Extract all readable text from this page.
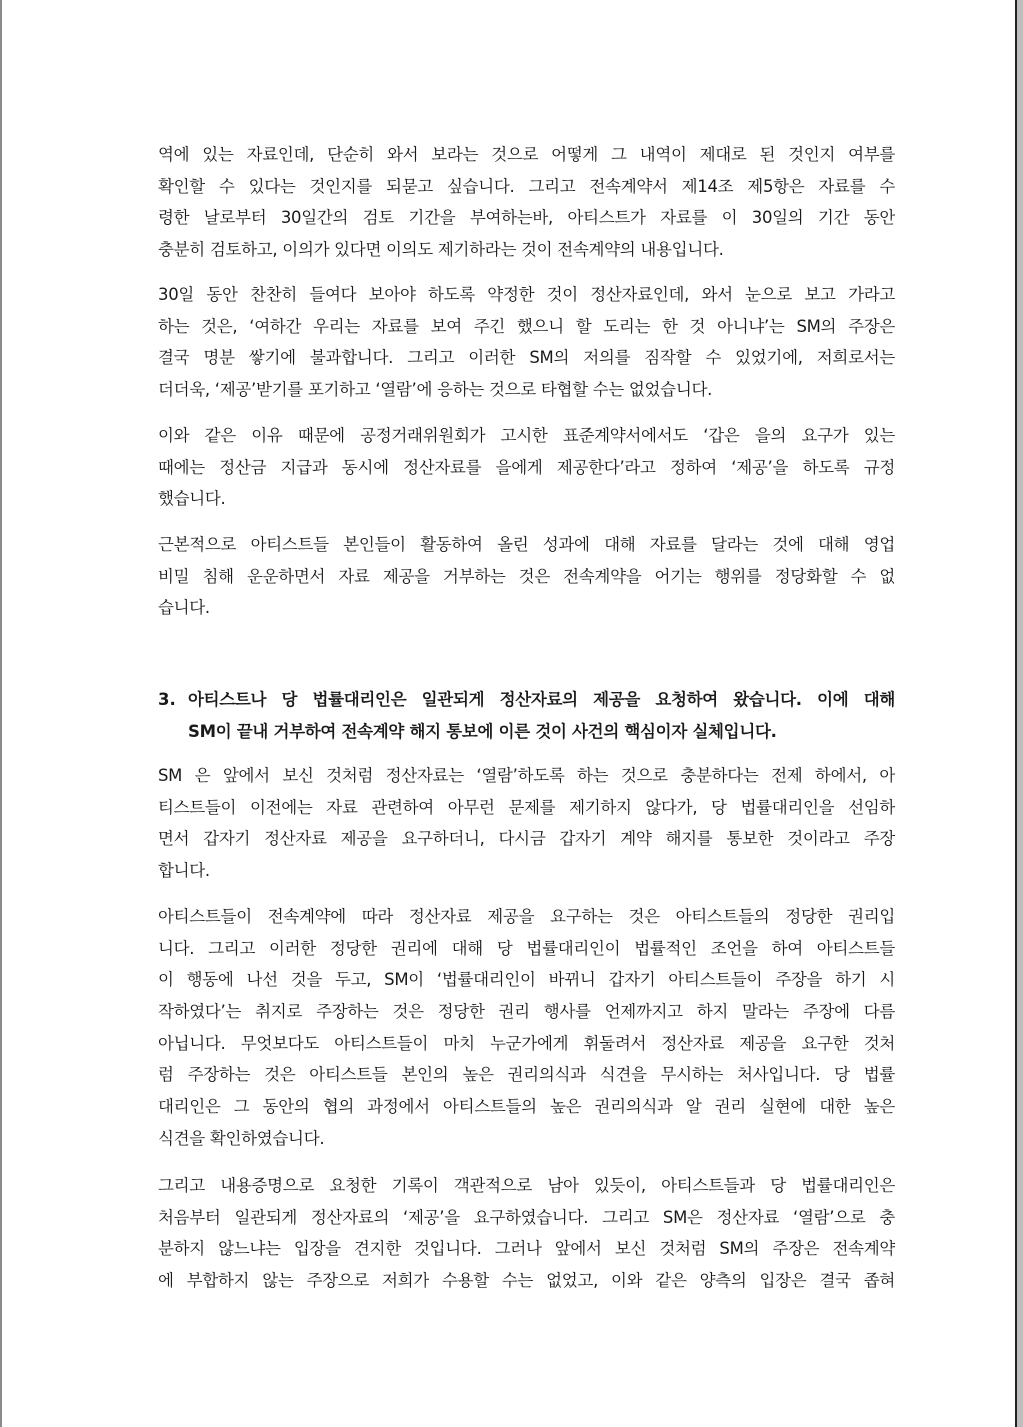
역에 있는 자료인데, 단순히 와서 보라는 것으로 어떻게 그 내역이 제대로 된 것인지 여부를
확인할 수 있다는 것인지를 되묻고 싶습니다. 그리고 전속계약서 제14조 제5항은 자료를 수
령한 날로부터 30일간의 검토 기간을 부여하는바, 아티스트가 자료를 이 30일의 기간 동안
충분히 검토하고, 이의가 있다면 이의도 제기하라는 것이 전속계약의 내용입니다.
30일 동안 찬찬히 들여다 보아야 하도록 약정한 것이 정산자료인데, 와서 눈으로 보고 가라고
하는 것은, ‘여하간 우리는 자료를 보여 주긴 했으니 할 도리는 한 것 아니냐’는 SM의 주장은
결국 명분 쌓기에 불과합니다. 그리고 이러한 SM의 저의를 짐작할 수 있었기에, 저희로서는
더더욱, ‘제공’받기를 포기하고 ‘열람’에 응하는 것으로 타협할 수는 없었습니다.
이와 같은 이유 때문에 공정거래위원회가 고시한 표준계약서에서도 ‘갑은 을의 요구가 있는
때에는 정산금 지급과 동시에 정산자료를 을에게 제공한다’라고 정하여 ‘제공’을 하도록 규정
했습니다.
근본적으로 아티스트들 본인들이 활동하여 올린 성과에 대해 자료를 달라는 것에 대해 영업
비밀 침해 운운하면서 자료 제공을 거부하는 것은 전속계약을 어기는 행위를 정당화할 수 없
습니다.
3. 아티스트나 당 법률대리인은 일관되게 정산자료의 제공을 요청하여 왔습니다. 이에 대해
SM이 끝내 거부하여 전속계약 해지 통보에 이른 것이 사건의 핵심이자 실체입니다.
SM 은 앞에서 보신 것처럼 정산자료는 ‘열람’하도록 하는 것으로 충분하다는 전제 하에서, 아
티스트들이 이전에는 자료 관련하여 아무런 문제를 제기하지 않다가, 당 법률대리인을 선임하
면서 갑자기 정산자료 제공을 요구하더니, 다시금 갑자기 계약 해지를 통보한 것이라고 주장
합니다.
아티스트들이 전속계약에 따라 정산자료 제공을 요구하는 것은 아티스트들의 정당한 권리입
니다. 그리고 이러한 정당한 권리에 대해 당 법률대리인이 법률적인 조언을 하여 아티스트들
이 행동에 나선 것을 두고, SM이 ‘법률대리인이 바뀌니 갑자기 아티스트들이 주장을 하기 시
작하였다’는 취지로 주장하는 것은 정당한 권리 행사를 언제까지고 하지 말라는 주장에 다름
아닙니다. 무엇보다도 아티스트들이 마치 누군가에게 휘둘려서 정산자료 제공을 요구한 것처
럼 주장하는 것은 아티스트들 본인의 높은 권리의식과 식견을 무시하는 처사입니다. 당 법률
대리인은 그 동안의 협의 과정에서 아티스트들의 높은 권리의식과 알 권리 실현에 대한 높은
식견을 확인하였습니다.
그리고 내용증명으로 요청한 기록이 객관적으로 남아 있듯이, 아티스트들과 당 법률대리인은
처음부터 일관되게 정산자료의 ‘제공’을 요구하였습니다. 그리고 SM은 정산자료 ‘열람’으로 충
분하지 않느냐는 입장을 견지한 것입니다. 그러나 앞에서 보신 것처럼 SM의 주장은 전속계약
에 부합하지 않는 주장으로 저희가 수용할 수는 없었고, 이와 같은 양측의 입장은 결국 좁혀
